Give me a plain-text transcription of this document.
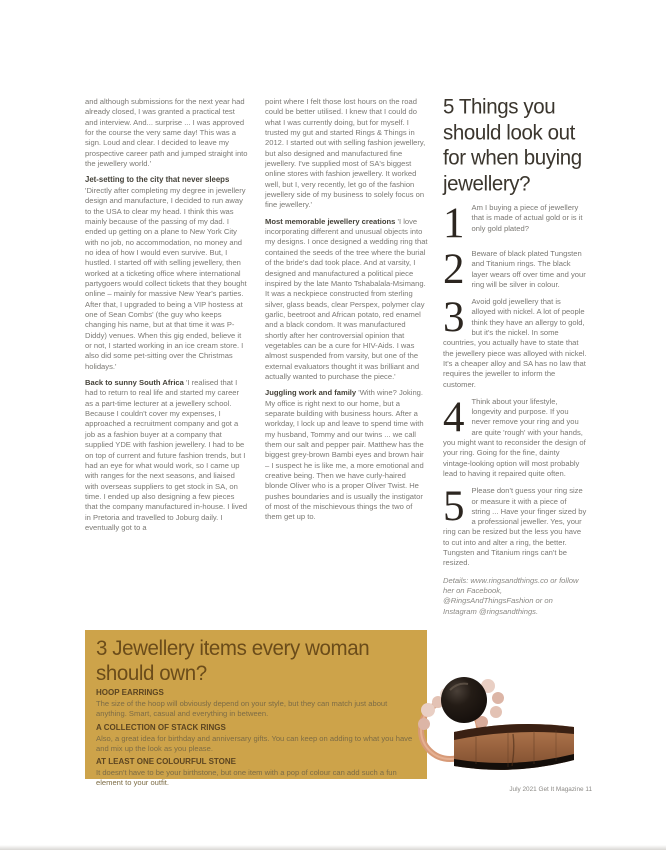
and although submissions for the next year had already closed, I was granted a practical test and interview. And... surprise ... I was approved for the course the very same day! This was a sign. Loud and clear. I decided to leave my prospective career path and jumped straight into the jewellery world.'

Jet-setting to the city that never sleeps

'Directly after completing my degree in jewellery design and manufacture, I decided to run away to the USA to clear my head. I think this was mainly because of the passing of my dad. I ended up getting on a plane to New York City with no job, no accommodation, no money and no idea of how I would even survive. But, I hustled. I started off with selling jewellery, then worked at a ticketing office where international partygoers would collect tickets that they bought online – mainly for massive New Year's parties. After that, I upgraded to being a VIP hostess at one of Sean Combs' (the guy who keeps changing his name, but at that time it was P-Diddy) venues. When this gig ended, believe it or not, I started working in an ice cream store. I also did some pet-sitting over the Christmas holidays.'

Back to sunny South Africa 'I realised that I had to return to real life and started my career as a part-time lecturer at a jewellery school. Because I couldn't cover my expenses, I approached a recruitment company and got a job as a fashion buyer at a company that supplied YDE with fashion jewellery. I had to be on top of current and future fashion trends, but I had an eye for what would work, so I came up with ranges for the next seasons, and liaised with overseas suppliers to get stock in SA, on time. I ended up also designing a few pieces that the company manufactured in-house. I lived in Pretoria and travelled to Joburg daily. I eventually got to a

point where I felt those lost hours on the road could be better utilised. I knew that I could do what I was currently doing, but for myself. I trusted my gut and started Rings & Things in 2012. I started out with selling fashion jewellery, but also designed and manufactured fine jewellery. I've supplied most of SA's biggest online stores with fashion jewellery. It worked well, but I, very recently, let go of the fashion jewellery side of my business to solely focus on fine jewellery.'

Most memorable jewellery creations 'I love incorporating different and unusual objects into my designs. I once designed a wedding ring that contained the seeds of the tree where the burial of the bride's dad took place. And at varsity, I designed and manufactured a political piece inspired by the late Manto Tshabalala-Msimang. It was a neckpiece constructed from sterling silver, glass beads, clear Perspex, polymer clay garlic, beetroot and African potato, red enamel and a black condom. It was manufactured shortly after her controversial opinion that vegetables can be a cure for HIV-Aids. I was almost suspended from varsity, but one of the external evaluators thought it was brilliant and actually wanted to purchase the piece.'

Juggling work and family 'With wine? Joking. My office is right next to our home, but a separate building with business hours. After a workday, I lock up and leave to spend time with my husband, Tommy and our twins ... we call them our salt and pepper pair. Matthew has the biggest grey-brown Bambi eyes and brown hair – I suspect he is like me, a more emotional and creative being. Then we have curly-haired blonde Oliver who is a proper Oliver Twist. He pushes boundaries and is usually the instigator of most of the mischievous things the two of them get up to.

5 Things you should look out for when buying jewellery?
1 Am I buying a piece of jewellery that is made of actual gold or is it only gold plated?
2 Beware of black plated Tungsten and Titanium rings. The black layer wears off over time and your ring will be silver in colour.
3 Avoid gold jewellery that is alloyed with nickel. A lot of people think they have an allergy to gold, but it's the nickel. In some countries, you actually have to state that the jewellery piece was alloyed with nickel. It's a cheaper alloy and SA has no law that requires the jeweller to inform the customer.
4 Think about your lifestyle, longevity and purpose. If you never remove your ring and you are quite 'rough' with your hands, you might want to reconsider the design of your ring. Going for the fine, dainty vintage-looking option will most probably lead to having it repaired quite often.
5 Please don't guess your ring size or measure it with a piece of string ... Have your finger sized by a professional jeweller. Yes, your ring can be resized but the less you have to cut into and alter a ring, the better. Tungsten and Titanium rings can't be resized.
Details: www.ringsandthings.co or follow her on Facebook, @RingsAndThingsFashion or on Instagram @ringsandthings.
3 Jewellery items every woman should own?
HOOP EARRINGS
The size of the hoop will obviously depend on your style, but they can match just about anything. Smart, casual and everything in between.
A COLLECTION OF STACK RINGS
Also, a great idea for birthday and anniversary gifts. You can keep on adding to what you have and mix up the look as you please.
AT LEAST ONE COLOURFUL STONE
It doesn't have to be your birthstone, but one item with a pop of colour can add such a fun element to your outfit.
July 2021 Get It Magazine 11
